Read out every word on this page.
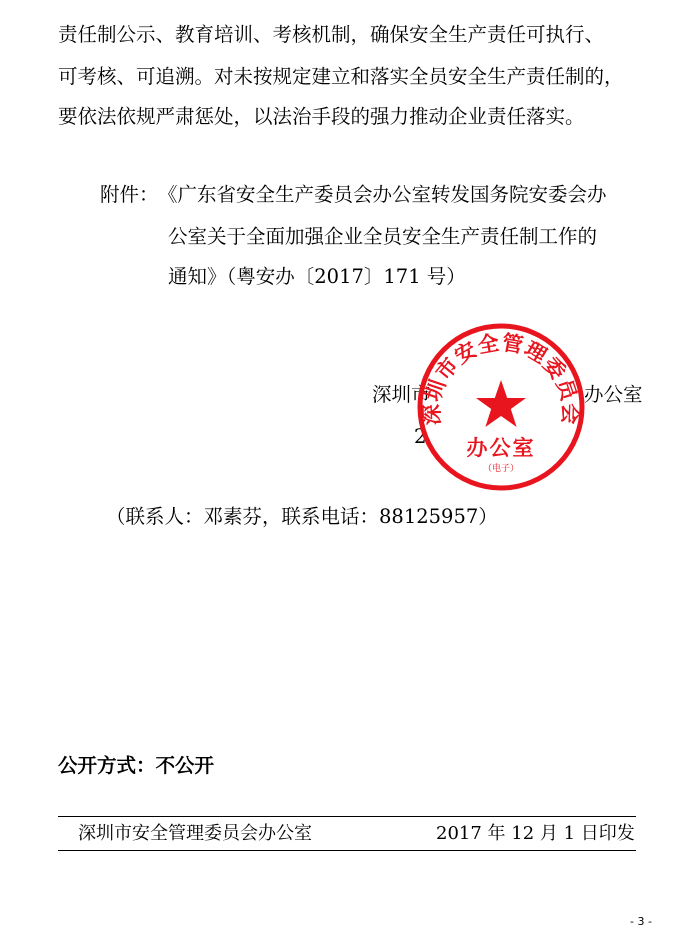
责任制公示、教育培训、考核机制，确保安全生产责任可执行、
可考核、可追溯。对未按规定建立和落实全员安全生产责任制的，
要依法依规严肃惩处，以法治手段的强力推动企业责任落实。
附件： 《广东省安全生产委员会办公室转发国务院安委会办
公室关于全面加强企业全员安全生产责任制工作的
通知》（粤安办〔2017〕171 号）
深圳市	办公室
2
深圳市安全管理委员会
办公室
（电子）
（联系人：邓素芬，联系电话：88125957）
公开方式：不公开
深圳市安全管理委员会办公室	2017 年 12 月 1 日印发
- 3 -
